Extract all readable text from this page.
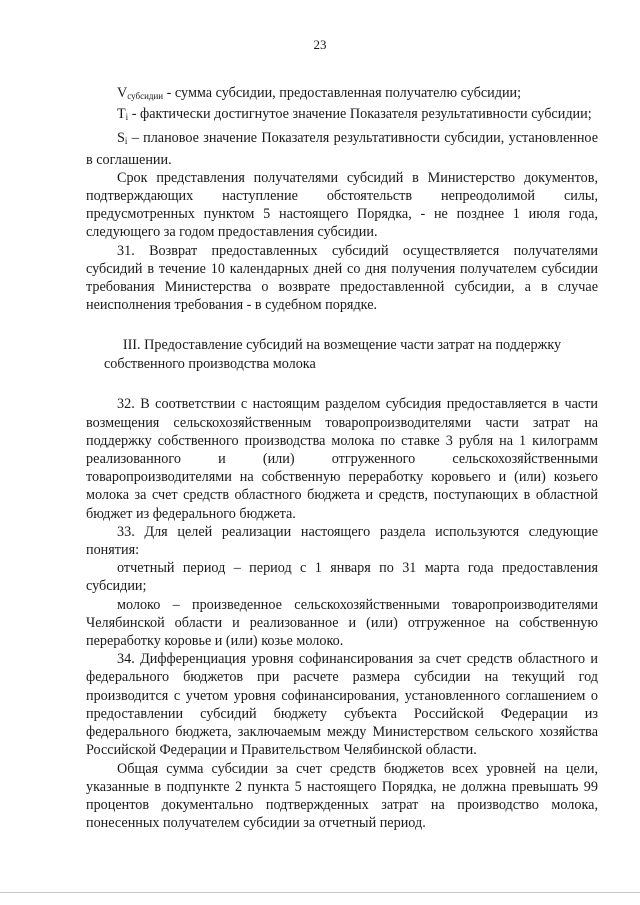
23

$V_{субсидии}$ - сумма субсидии, предоставленная получателю субсидии;

$T_i$ - фактически достигнутое значение Показателя результативности субсидии;

$S_i$ – плановое значение Показателя результативности субсидии, установленное в соглашении.

Срок представления получателями субсидий в Министерство документов, подтверждающих наступление обстоятельств непреодолимой силы, предусмотренных пунктом 5 настоящего Порядка, - не позднее 1 июля года, следующего за годом предоставления субсидии.

31. Возврат предоставленных субсидий осуществляется получателями субсидий в течение 10 календарных дней со дня получения получателем субсидии требования Министерства о возврате предоставленной субсидии, а в случае неисполнения требования - в судебном порядке.

III. Предоставление субсидий на возмещение части затрат на поддержку собственного производства молока

32. В соответствии с настоящим разделом субсидия предоставляется в части возмещения сельскохозяйственным товаропроизводителями части затрат на поддержку собственного производства молока по ставке 3 рубля на 1 килограмм реализованного и (или) отгруженного сельскохозяйственными товаропроизводителями на собственную переработку коровьего и (или) козьего молока за счет средств областного бюджета и средств, поступающих в областной бюджет из федерального бюджета.

33. Для целей реализации настоящего раздела используются следующие понятия:

отчетный период – период с 1 января по 31 марта года предоставления субсидии;

молоко – произведенное сельскохозяйственными товаропроизводителями Челябинской области и реализованное и (или) отгруженное на собственную переработку коровье и (или) козье молоко.

34. Дифференциация уровня софинансирования за счет средств областного и федерального бюджетов при расчете размера субсидии на текущий год производится с учетом уровня софинансирования, установленного соглашением о предоставлении субсидий бюджету субъекта Российской Федерации из федерального бюджета, заключаемым между Министерством сельского хозяйства Российской Федерации и Правительством Челябинской области.

Общая сумма субсидии за счет средств бюджетов всех уровней на цели, указанные в подпункте 2 пункта 5 настоящего Порядка, не должна превышать 99 процентов документально подтвержденных затрат на производство молока, понесенных получателем субсидии за отчетный период.
